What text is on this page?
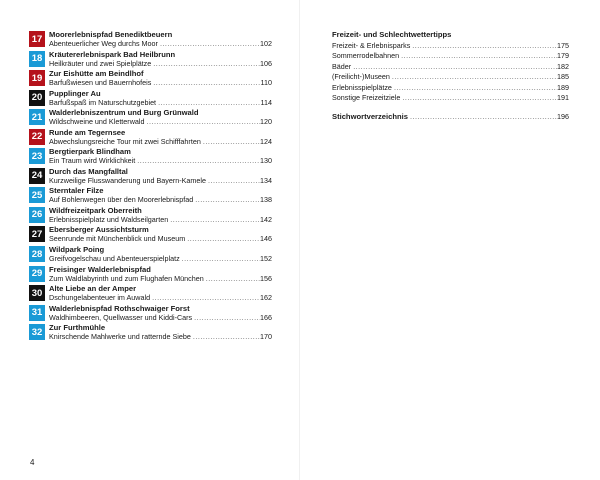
17 Moorerlebnispfad Benediktbeuern
Abenteuerlicher Weg durchs Moor .....	102
18 Kräutererlebnispark Bad Heilbrunn
Heilkräuter und zwei Spielplätze .....	106
19 Zur Eishütte am Beindlhof
Barfußwiesen und Bauernhofeis .....	110
20 Pupplinger Au
Barfußspaß im Naturschutzgebiet .....	114
21 Walderlebniszentrum und Burg Grünwald
Wildschweine und Kletterwald .....	120
22 Runde am Tegernsee
Abwechslungsreiche Tour mit zwei Schifffahrten .....	124
23 Bergtierpark Blindham
Ein Traum wird Wirklichkeit .....	130
24 Durch das Mangfalltal
Kurzweilige Flusswanderung und Bayern-Kamele .....	134
25 Sterntaler Filze
Auf Bohlenwegen über den Moorerlebnispfad .....	138
26 Wildfreizeitpark Oberreith
Erlebnisspielplatz und Waldseilgarten .....	142
27 Ebersberger Aussichtsturm
Seenrunde mit Münchenblick und Museum .....	146
28 Wildpark Poing
Greifvogelschau und Abenteuerspielplatz .....	152
29 Freisinger Walderlebnispfad
Zum Waldlabyrinth und zum Flughafen München .....	156
30 Alte Liebe an der Amper
Dschungelabenteuer im Auwald .....	162
31 Walderlebnispfad Rothschwaiger Forst
Waldhimbeeren, Quellwasser und Kiddi-Cars .....	166
32 Zur Furthmühle
Knirschende Mahlwerke und ratternde Siebe .....	170
4
Freizeit- und Schlechtwettertipps
Freizeit- & Erlebnisparks .....	175
Sommerrodelbahnen .....	179
Bäder .....	182
(Freilicht-)Museen .....	185
Erlebnisspielplätze .....	189
Sonstige Freizeitziele .....	191
Stichwortverzeichnis .....	196
